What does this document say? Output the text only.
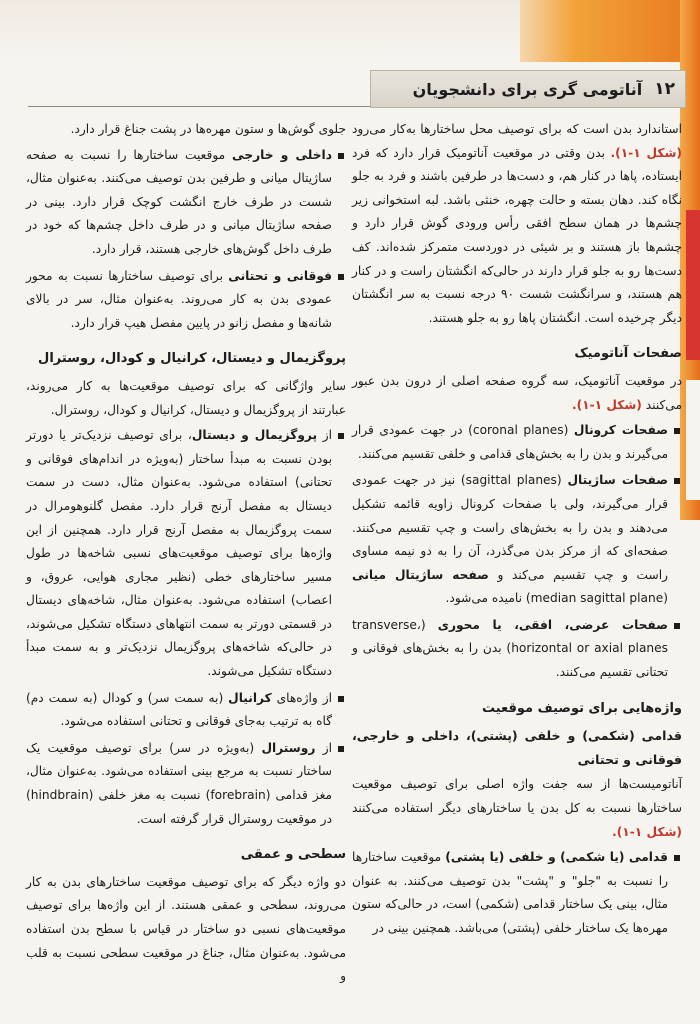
۱۲
آناتومی گری برای دانشجویان

استاندارد بدن است که برای توصیف محل ساختارها به‌کار می‌رود (شکل ۱-۱). بدن وقتی در موقعیت آناتومیک قرار دارد که فرد ایستاده، پاها در کنار هم، و دست‌ها در طرفین باشند و فرد به جلو نگاه کند. دهان بسته و حالت چهره، خنثی باشد. لبه استخوانی زیر چشم‌ها در همان سطح افقی رأس ورودی گوش قرار دارد و چشم‌ها باز هستند و بر شیئی در دوردست متمرکز شده‌اند. کف دست‌ها رو به جلو قرار دارند در حالی‌که انگشتان راست و در کنار هم هستند، و سرانگشت شست ۹۰ درجه نسبت به سر انگشتان دیگر چرخیده است. انگشتان پاها رو به جلو هستند.

صفحات آناتومیک

در موقعیت آناتومیک، سه گروه صفحه اصلی از درون بدن عبور می‌کنند (شکل ۱-۱).

صفحات کرونال (coronal planes) در جهت عمودی قرار می‌گیرند و بدن را به بخش‌های قدامی و خلفی تقسیم می‌کنند.
صفحات ساژیتال (sagittal planes) نیز در جهت عمودی قرار می‌گیرند، ولی با صفحات کرونال زاویه قائمه تشکیل می‌دهند و بدن را به بخش‌های راست و چپ تقسیم می‌کنند. صفحه‌ای که از مرکز بدن می‌گذرد، آن را به دو نیمه مساوی راست و چپ تقسیم می‌کند و صفحه ساژیتال میانی (median sagittal plane) نامیده می‌شود.
صفحات عرضی، افقی، یا محوری (transverse، horizontal or axial planes) بدن را به بخش‌های فوقانی و تحتانی تقسیم می‌کنند.
واژه‌هایی برای توصیف موقعیت
قدامی (شکمی) و خلفی (پشتی)، داخلی و خارجی، فوقانی و تحتانی

آناتومیست‌ها از سه جفت واژه اصلی برای توصیف موقعیت ساختارها نسبت به کل بدن یا ساختارهای دیگر استفاده می‌کنند (شکل ۱-۱).

قدامی (یا شکمی) و خلفی (یا پشتی) موقعیت ساختارها را نسبت به "جلو" و "پشت" بدن توصیف می‌کنند. به عنوان مثال، بینی یک ساختار قدامی (شکمی) است، در حالی‌که ستون مهره‌ها یک ساختار خلفی (پشتی) می‌باشد. همچنین بینی در

جلوی گوش‌ها و ستون مهره‌ها در پشت جناغ قرار دارد.

داخلی و خارجی موقعیت ساختارها را نسبت به صفحه ساژیتال میانی و طرفین بدن توصیف می‌کنند. به‌عنوان مثال، شست در طرف خارج انگشت کوچک قرار دارد. بینی در صفحه ساژیتال میانی و در طرف داخل چشم‌ها که خود در طرف داخل گوش‌های خارجی هستند، قرار دارد.
فوقانی و تحتانی برای توصیف ساختارها نسبت به محور عمودی بدن به کار می‌روند. به‌عنوان مثال، سر در بالای شانه‌ها و مفصل زانو در پایین مفصل هیپ قرار دارد.
پروگزیمال و دیستال، کرانیال و کودال، روسترال

سایر واژگانی که برای توصیف موقعیت‌ها به کار می‌روند، عبارتند از پروگزیمال و دیستال، کرانیال و کودال، روسترال.

از پروگزیمال و دیستال، برای توصیف نزدیک‌تر یا دورتر بودن نسبت به مبدأ ساختار (به‌ویژه در اندام‌های فوقانی و تحتانی) استفاده می‌شود. به‌عنوان مثال، دست در سمت دیستال به مفصل آرنج قرار دارد. مفصل گلنوهومرال در سمت پروگزیمال به مفصل آرنج قرار دارد. همچنین از این واژه‌ها برای توصیف موقعیت‌های نسبی شاخه‌ها در طول مسیر ساختارهای خطی (نظیر مجاری هوایی، عروق، و اعصاب) استفاده می‌شود. به‌عنوان مثال، شاخه‌های دیستال در قسمتی دورتر به سمت انتهاهای دستگاه تشکیل می‌شوند، در حالی‌که شاخه‌های پروگزیمال نزدیک‌تر و به سمت مبدأ دستگاه تشکیل می‌شوند.
از واژه‌های کرانیال (به سمت سر) و کودال (به سمت دم) گاه به ترتیب به‌جای فوقانی و تحتانی استفاده می‌شود.
از روسترال (به‌ویژه در سر) برای توصیف موقعیت یک ساختار نسبت به مرجع بینی استفاده می‌شود. به‌عنوان مثال، مغز قدامی (forebrain) نسبت به مغز خلفی (hindbrain) در موقعیت روسترال قرار گرفته است.
سطحی و عمقی

دو واژه دیگر که برای توصیف موقعیت ساختارهای بدن به کار می‌روند، سطحی و عمقی هستند. از این واژه‌ها برای توصیف موقعیت‌های نسبی دو ساختار در قیاس با سطح بدن استفاده می‌شود. به‌عنوان مثال، جناغ در موقعیت سطحی نسبت به قلب و
